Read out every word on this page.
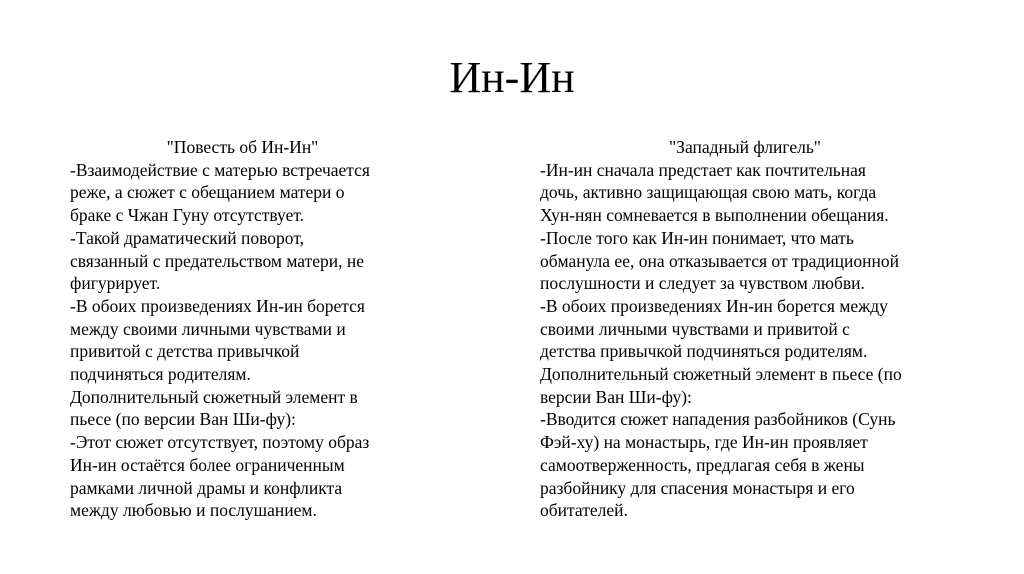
Ин-Ин

"Повесть об Ин-Ин"

-Взаимодействие с матерью встречается

реже, а сюжет с обещанием матери о

браке с Чжан Гуну отсутствует.

-Такой драматический поворот,

связанный с предательством матери, не

фигурирует.

-В обоих произведениях Ин-ин борется

между своими личными чувствами и

привитой с детства привычкой

подчиняться родителям.

Дополнительный сюжетный элемент в

пьесе (по версии Ван Ши-фу):

-Этот сюжет отсутствует, поэтому образ

Ин-ин остаётся более ограниченным

рамками личной драмы и конфликта

между любовью и послушанием.

"Западный флигель"

-Ин-ин сначала предстает как почтительная

дочь, активно защищающая свою мать, когда

Хун-нян сомневается в выполнении обещания.

-После того как Ин-ин понимает, что мать

обманула ее, она отказывается от традиционной

послушности и следует за чувством любви.

-В обоих произведениях Ин-ин борется между

своими личными чувствами и привитой с

детства привычкой подчиняться родителям.

Дополнительный сюжетный элемент в пьесе (по

версии Ван Ши-фу):

-Вводится сюжет нападения разбойников (Сунь

Фэй-ху) на монастырь, где Ин-ин проявляет

самоотверженность, предлагая себя в жены

разбойнику для спасения монастыря и его

обитателей.
